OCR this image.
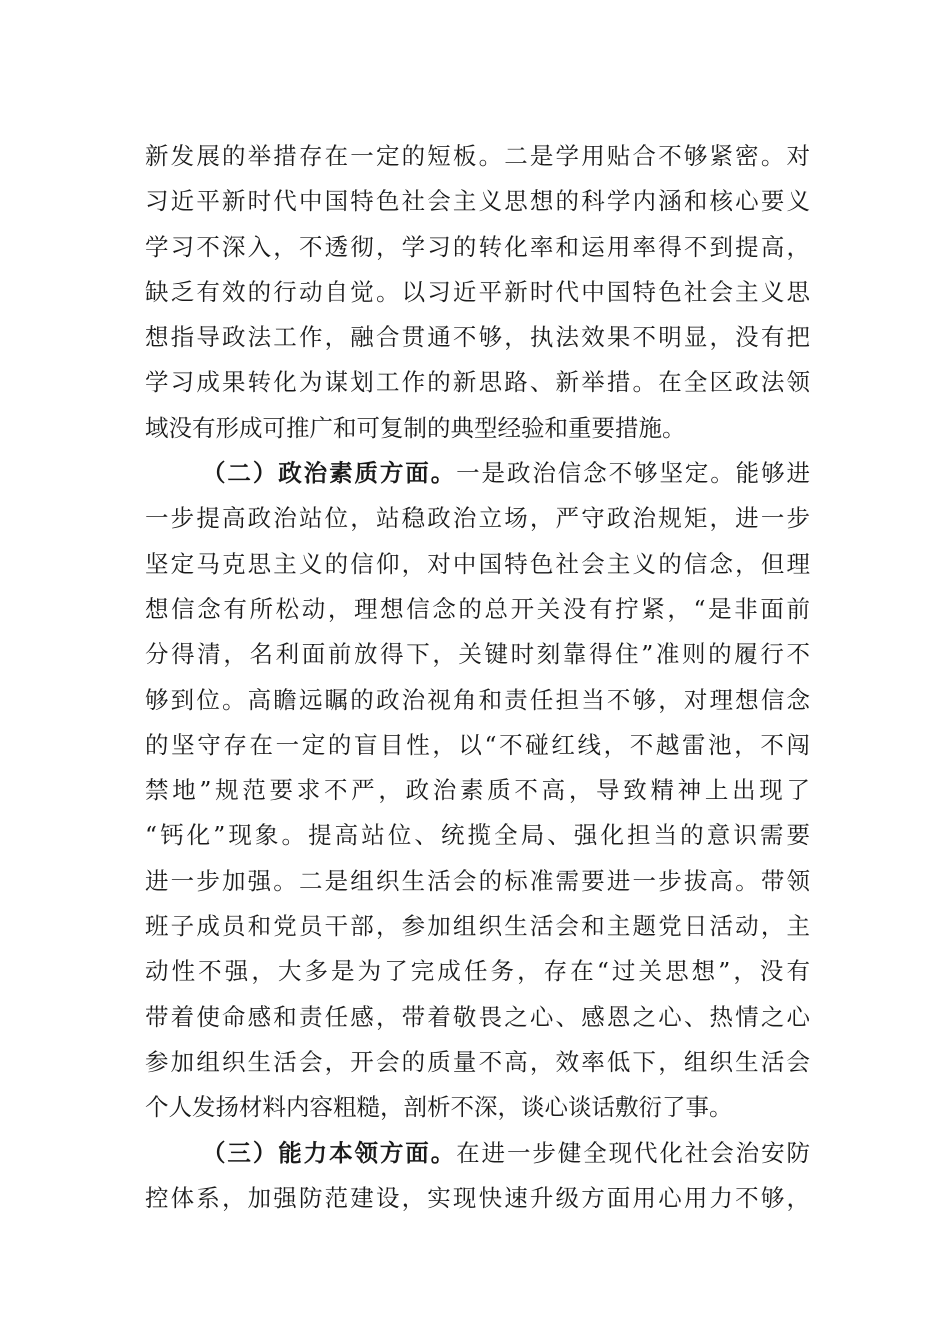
新发展的举措存在一定的短板。二是学用贴合不够紧密。对
习近平新时代中国特色社会主义思想的科学内涵和核心要义
学习不深入，不透彻，学习的转化率和运用率得不到提高，
缺乏有效的行动自觉。以习近平新时代中国特色社会主义思
想指导政法工作，融合贯通不够，执法效果不明显，没有把
学习成果转化为谋划工作的新思路、新举措。在全区政法领
域没有形成可推广和可复制的典型经验和重要措施。
（二）政治素质方面。一是政治信念不够坚定。能够进
一步提高政治站位，站稳政治立场，严守政治规矩，进一步
坚定马克思主义的信仰，对中国特色社会主义的信念，但理
想信念有所松动，理想信念的总开关没有拧紧，“是非面前
分得清，名利面前放得下，关键时刻靠得住”准则的履行不
够到位。高瞻远瞩的政治视角和责任担当不够，对理想信念
的坚守存在一定的盲目性，以“不碰红线，不越雷池，不闯
禁地”规范要求不严，政治素质不高，导致精神上出现了
“钙化”现象。提高站位、统揽全局、强化担当的意识需要
进一步加强。二是组织生活会的标准需要进一步拔高。带领
班子成员和党员干部，参加组织生活会和主题党日活动，主
动性不强，大多是为了完成任务，存在“过关思想”，没有
带着使命感和责任感，带着敬畏之心、感恩之心、热情之心
参加组织生活会，开会的质量不高，效率低下，组织生活会
个人发扬材料内容粗糙，剖析不深，谈心谈话敷衍了事。
（三）能力本领方面。在进一步健全现代化社会治安防
控体系，加强防范建设，实现快速升级方面用心用力不够，
